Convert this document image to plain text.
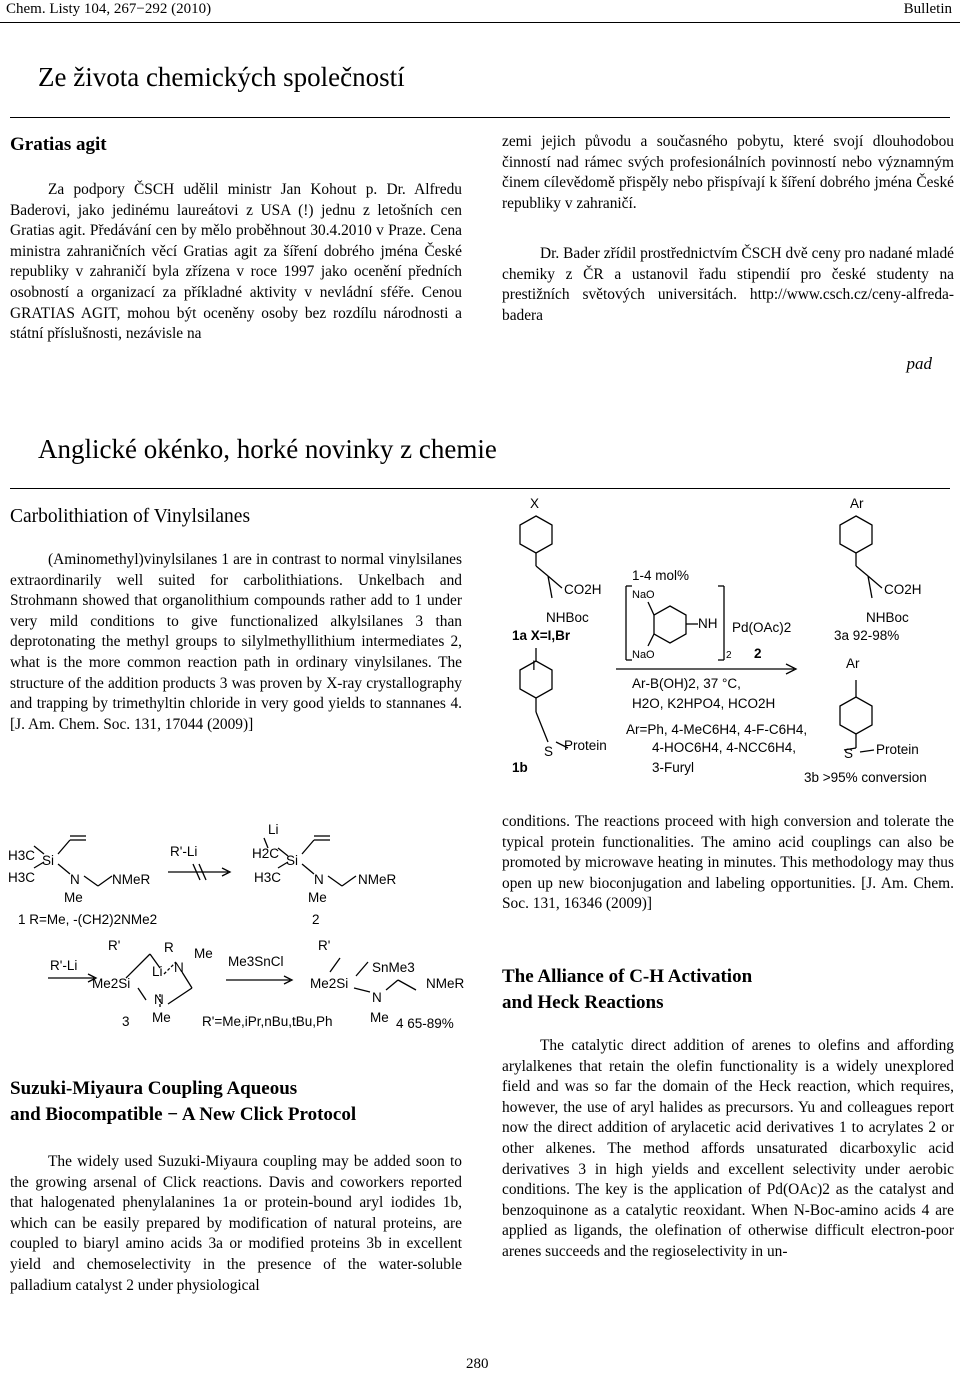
Chem. Listy 104, 267−292 (2010)	Bulletin
Ze života chemických společností
Gratias agit
Za podpory ČSCH udělil ministr Jan Kohout p. Dr. Alfredu Baderovi, jako jedinému laureátovi z USA (!) jednu z letošních cen Gratias agit. Předávání cen by mělo proběhnout 30.4.2010 v Praze. Cena ministra zahraničních věcí Gratias agit za šíření dobrého jména České republiky v zahraničí byla zřízena v roce 1997 jako ocenění předních osobností a organizací za příkladné aktivity v nevládní sféře. Cenou GRATIAS AGIT, mohou být oceněny osoby bez rozdílu národnosti a státní příslušnosti, nezávisle na
zemi jejich původu a současného pobytu, které svojí dlouhodobou činností nad rámec svých profesionálních povinností nebo významným činem cílevědomě přispěly nebo přispívají k šíření dobrého jména České republiky v zahraničí.
Dr. Bader zřídil prostřednictvím ČSCH dvě ceny pro nadané mladé chemiky z ČR a ustanovil řadu stipendií pro české studenty na prestižních světových universitách. http://www.csch.cz/ceny-alfreda-badera
pad
Anglické okénko, horké novinky z chemie
Carbolithiation of Vinylsilanes
(Aminomethyl)vinylsilanes 1 are in contrast to normal vinylsilanes extraordinarily well suited for carbolithiations. Unkelbach and Strohmann showed that organolithium compounds rather add to 1 under very mild conditions to give functionalized alkylsilanes 3 than deprotonating the methyl groups to silylmethyllithium intermediates 2, what is the more common reaction path in ordinary vinylsilanes. The structure of the addition products 3 was proven by X-ray crystallography and trapping by trimethyltin chloride in very good yields to stannanes 4. [J. Am. Chem. Soc. 131, 17044 (2009)]
H3C
H3C
Si
N NMeR
Me
1 R=Me, -(CH2)2NMe2
R'-Li
Li
H2C
H3C
Si
N	NMeR
Me
2
R'-Li
R'	R Me
Li N
Me2Si
N
Me
3
Me3SnCl
R'
Me2Si
SnMe3
N
NMeR
R'=Me,iPr,nBu,tBu,Ph	Me 4 65-89%
Suzuki-Miyaura Coupling Aqueous
and Biocompatible − A New Click Protocol
The widely used Suzuki-Miyaura coupling may be added soon to the growing arsenal of Click reactions. Davis and coworkers reported that halogenated phenylalanines 1a or protein-bound aryl iodides 1b, which can be easily prepared by modification of natural proteins, are coupled to biaryl amino acids 3a or modified proteins 3b in excellent yield and chemoselectivity in the presence of the water-soluble palladium catalyst 2 under physiological
X	Ar
CO2H
NHBoc
1a X=I,Br
I
S Protein
1b
1-4 mol%
NaO
NaO
NH
2
Pd(OAc)2
2
Ar-B(OH)2, 37 °C,
H2O, K2HPO4, HCO2H
Ar=Ph, 4-MeC6H4, 4-F-C6H4,
4-HOC6H4, 4-NCC6H4,
3-Furyl
CO2H
NHBoc
3a 92-98%
Ar
S Protein
3b >95% conversion
conditions. The reactions proceed with high conversion and tolerate the typical protein functionalities. The amino acid couplings can also be promoted by microwave heating in minutes. This methodology may thus open up new bioconjugation and labeling opportunities. [J. Am. Chem. Soc. 131, 16346 (2009)]
The Alliance of C-H Activation
and Heck Reactions
The catalytic direct addition of arenes to olefins and affording arylalkenes that retain the olefin functionality is a widely unexplored field and was so far the domain of the Heck reaction, which requires, however, the use of aryl halides as precursors. Yu and colleagues report now the direct addition of arylacetic acid derivatives 1 to acrylates 2 or other alkenes. The method affords unsaturated dicarboxylic acid derivatives 3 in high yields and excellent selectivity under aerobic conditions. The key is the application of Pd(OAc)2 as the catalyst and benzoquinone as a catalytic reoxidant. When N-Boc-amino acids 4 are applied as ligands, the olefination of otherwise difficult electron-poor arenes succeeds and the regioselectivity in un-
280
